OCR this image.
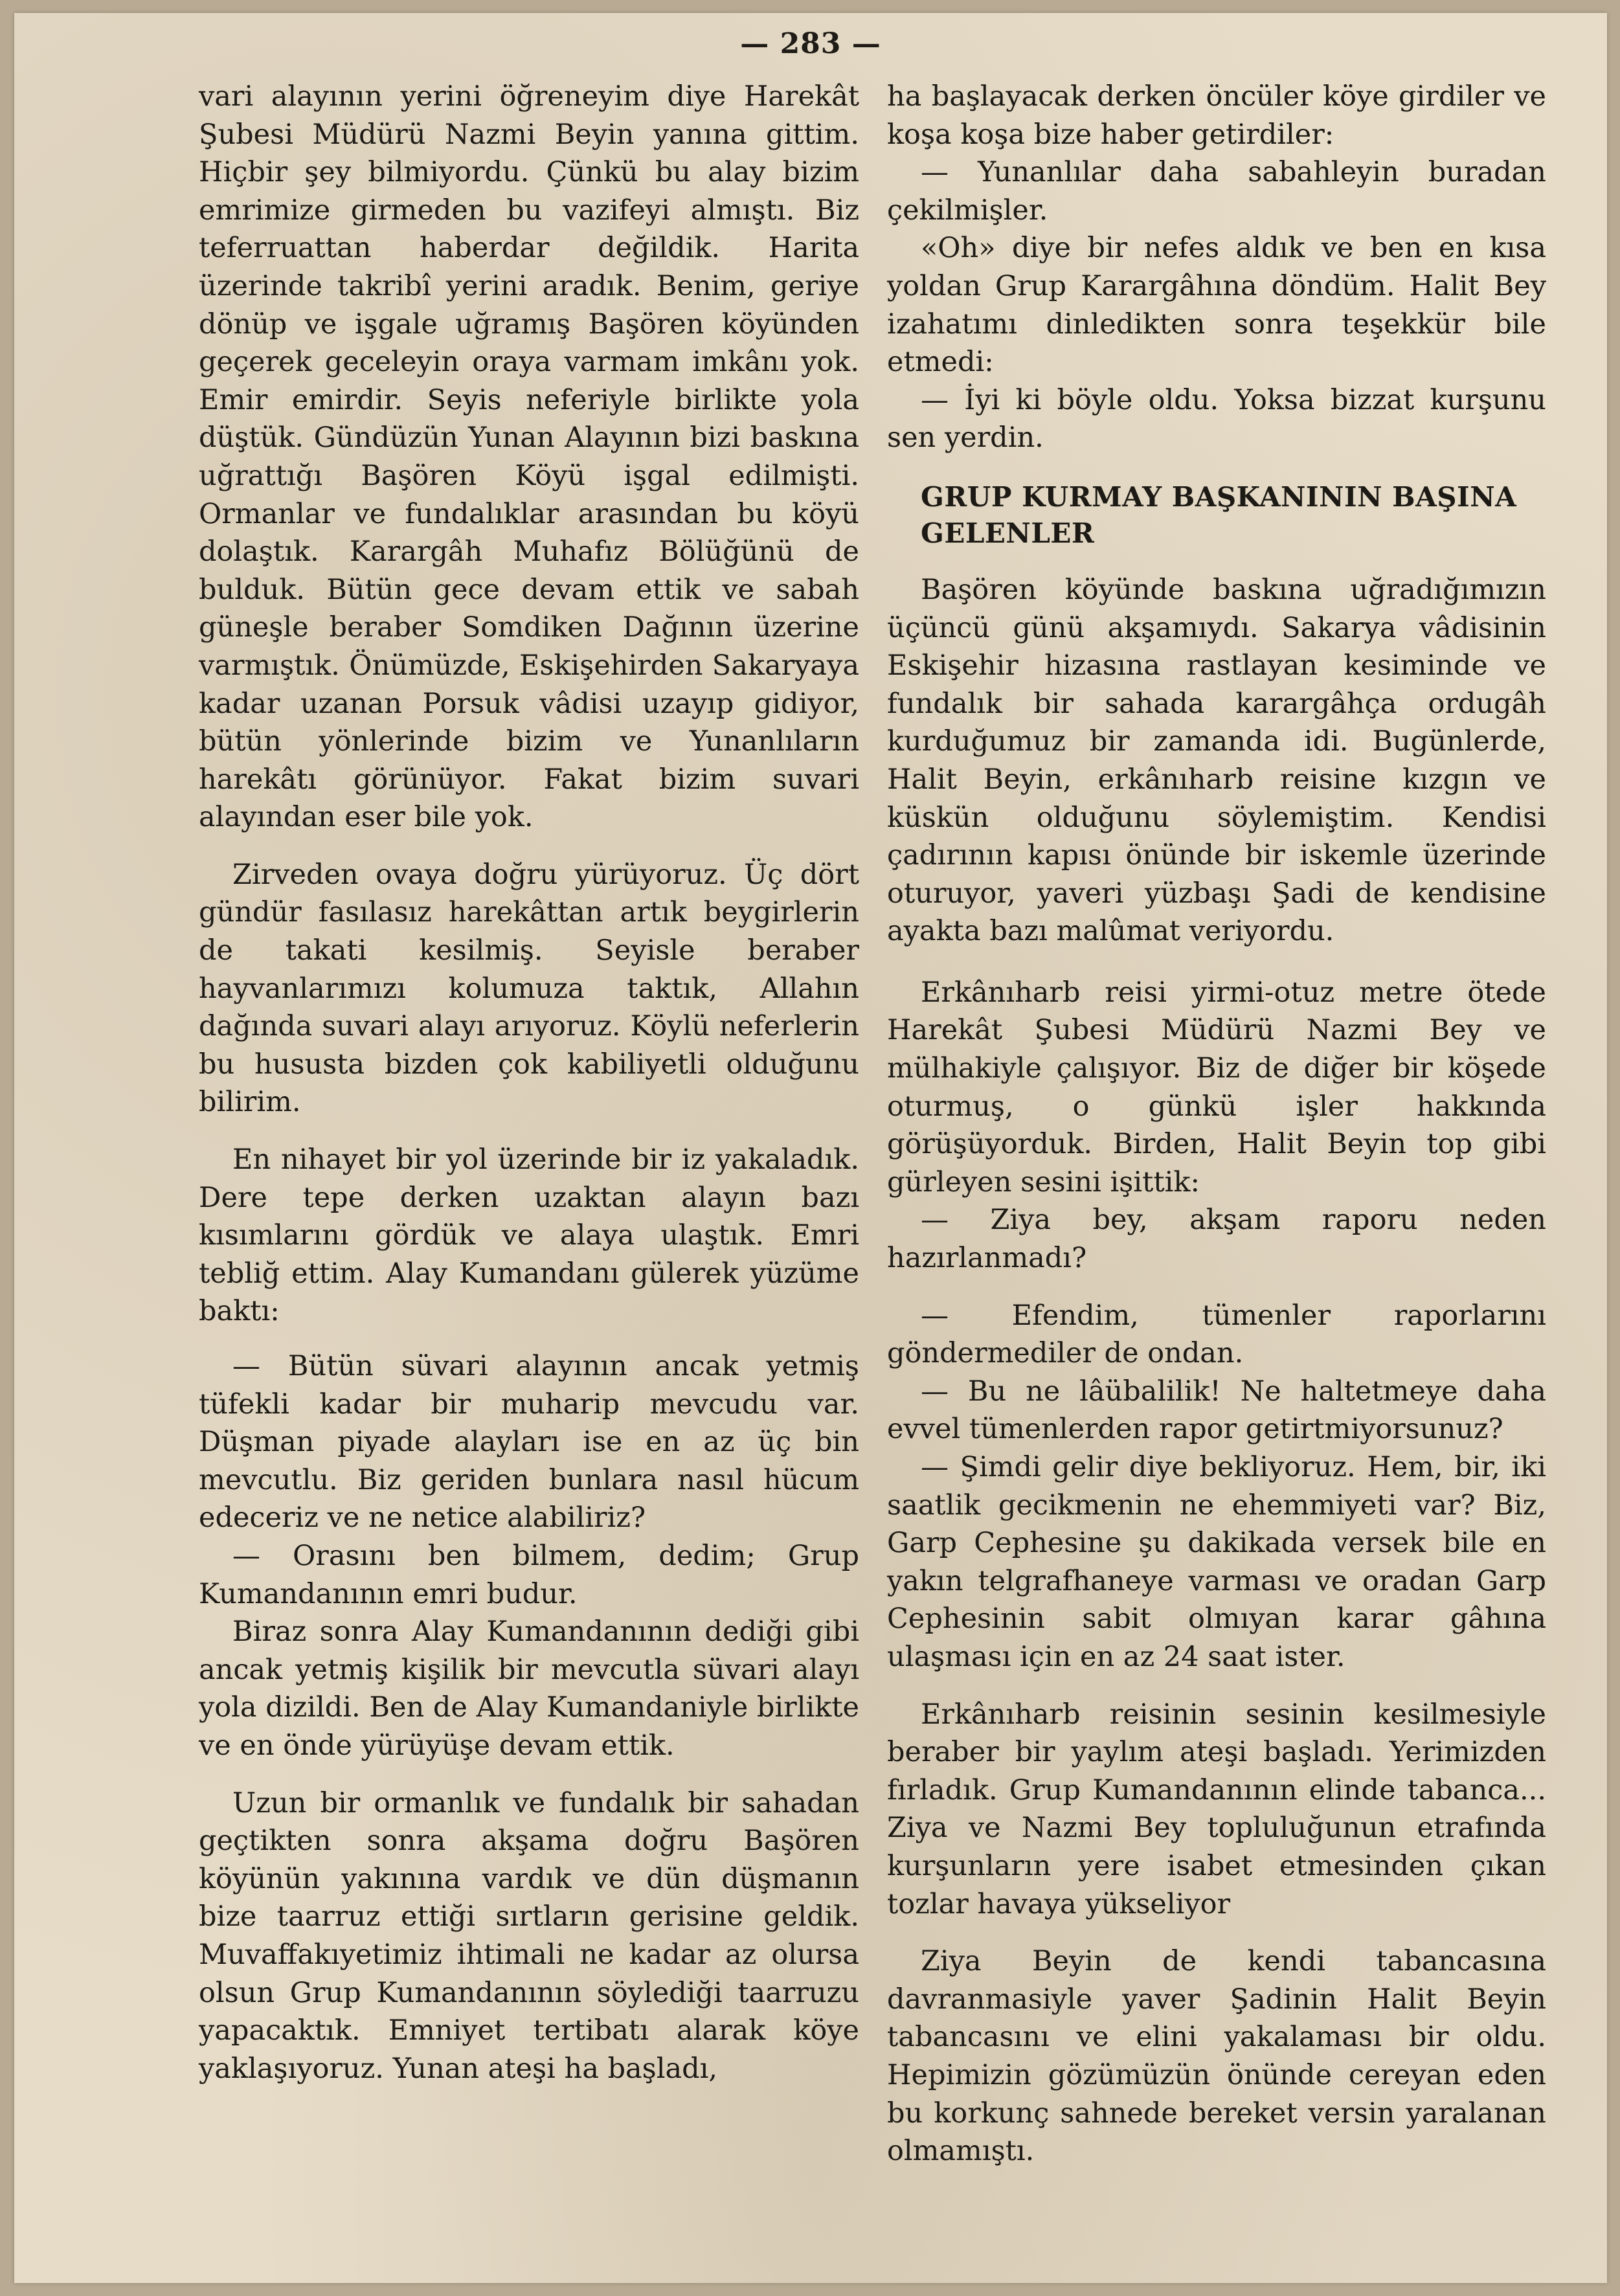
— 283 —

vari alayının yerini öğreneyim diye Harekât Şubesi Müdürü Nazmi Beyin yanına gittim. Hiçbir şey bilmiyordu. Çünkü bu alay bizim emrimize girmeden bu vazifeyi almıştı. Biz teferruattan haberdar değildik. Harita üzerinde takribî yerini aradık. Benim, geriye dönüp ve işgale uğramış Başören köyünden geçerek geceleyin oraya varmam imkânı yok. Emir emirdir. Seyis neferiyle birlikte yola düştük. Gündüzün Yunan Alayının bizi baskına uğrattığı Başören Köyü işgal edilmişti. Ormanlar ve fundalıklar arasından bu köyü dolaştık. Karargâh Muhafız Bölüğünü de bulduk. Bütün gece devam ettik ve sabah güneşle beraber Somdiken Dağının üzerine varmıştık. Önümüzde, Eskişehirden Sakaryaya kadar uzanan Porsuk vâdisi uzayıp gidiyor, bütün yönlerinde bizim ve Yunanlıların harekâtı görünüyor. Fakat bizim suvari alayından eser bile yok.

Zirveden ovaya doğru yürüyoruz. Üç dört gündür fasılasız harekâttan artık beygirlerin de takati kesilmiş. Seyisle beraber hayvanlarımızı kolumuza taktık, Allahın dağında suvari alayı arıyoruz. Köylü neferlerin bu hususta bizden çok kabiliyetli olduğunu bilirim.

En nihayet bir yol üzerinde bir iz yakaladık. Dere tepe derken uzaktan alayın bazı kısımlarını gördük ve alaya ulaştık. Emri tebliğ ettim. Alay Kumandanı gülerek yüzüme baktı:

— Bütün süvari alayının ancak yetmiş tüfekli kadar bir muharip mevcudu var. Düşman piyade alayları ise en az üç bin mevcutlu. Biz geriden bunlara nasıl hücum edeceriz ve ne netice alabiliriz?

— Orasını ben bilmem, dedim; Grup Kumandanının emri budur.

Biraz sonra Alay Kumandanının dediği gibi ancak yetmiş kişilik bir mevcutla süvari alayı yola dizildi. Ben de Alay Kumandaniyle birlikte ve en önde yürüyüşe devam ettik.

Uzun bir ormanlık ve fundalık bir sahadan geçtikten sonra akşama doğru Başören köyünün yakınına vardık ve dün düşmanın bize taarruz ettiği sırtların gerisine geldik. Muvaffakıyetimiz ihtimali ne kadar az olursa olsun Grup Kumandanının söylediği taarruzu yapacaktık. Emniyet tertibatı alarak köye yaklaşıyoruz. Yunan ateşi ha başladı,

ha başlayacak derken öncüler köye girdiler ve koşa koşa bize haber getirdiler:

— Yunanlılar daha sabahleyin buradan çekilmişler.

«Oh» diye bir nefes aldık ve ben en kısa yoldan Grup Karargâhına döndüm. Halit Bey izahatımı dinledikten sonra teşekkür bile etmedi:

— İyi ki böyle oldu. Yoksa bizzat kurşunu sen yerdin.

GRUP KURMAY BAŞKANININ BAŞINA GELENLER

Başören köyünde baskına uğradığımızın üçüncü günü akşamıydı. Sakarya vâdisinin Eskişehir hizasına rastlayan kesiminde ve fundalık bir sahada karargâhça ordugâh kurduğumuz bir zamanda idi. Bugünlerde, Halit Beyin, erkânıharb reisine kızgın ve küskün olduğunu söylemiştim. Kendisi çadırının kapısı önünde bir iskemle üzerinde oturuyor, yaveri yüzbaşı Şadi de kendisine ayakta bazı malûmat veriyordu.

Erkânıharb reisi yirmi-otuz metre ötede Harekât Şubesi Müdürü Nazmi Bey ve mülhakiyle çalışıyor. Biz de diğer bir köşede oturmuş, o günkü işler hakkında görüşüyorduk. Birden, Halit Beyin top gibi gürleyen sesini işittik:

— Ziya bey, akşam raporu neden hazırlanmadı?

— Efendim, tümenler raporlarını göndermediler de ondan.

— Bu ne lâübalilik! Ne haltetmeye daha evvel tümenlerden rapor getirtmiyorsunuz?

— Şimdi gelir diye bekliyoruz. Hem, bir, iki saatlik gecikmenin ne ehemmiyeti var? Biz, Garp Cephesine şu dakikada versek bile en yakın telgrafhaneye varması ve oradan Garp Cephesinin sabit olmıyan karar gâhına ulaşması için en az 24 saat ister.

Erkânıharb reisinin sesinin kesilmesiyle beraber bir yaylım ateşi başladı. Yerimizden fırladık. Grup Kumandanının elinde tabanca... Ziya ve Nazmi Bey topluluğunun etrafında kurşunların yere isabet etmesinden çıkan tozlar havaya yükseliyor

Ziya Beyin de kendi tabancasına davranmasiyle yaver Şadinin Halit Beyin tabancasını ve elini yakalaması bir oldu. Hepimizin gözümüzün önünde cereyan eden bu korkunç sahnede bereket versin yaralanan olmamıştı.
